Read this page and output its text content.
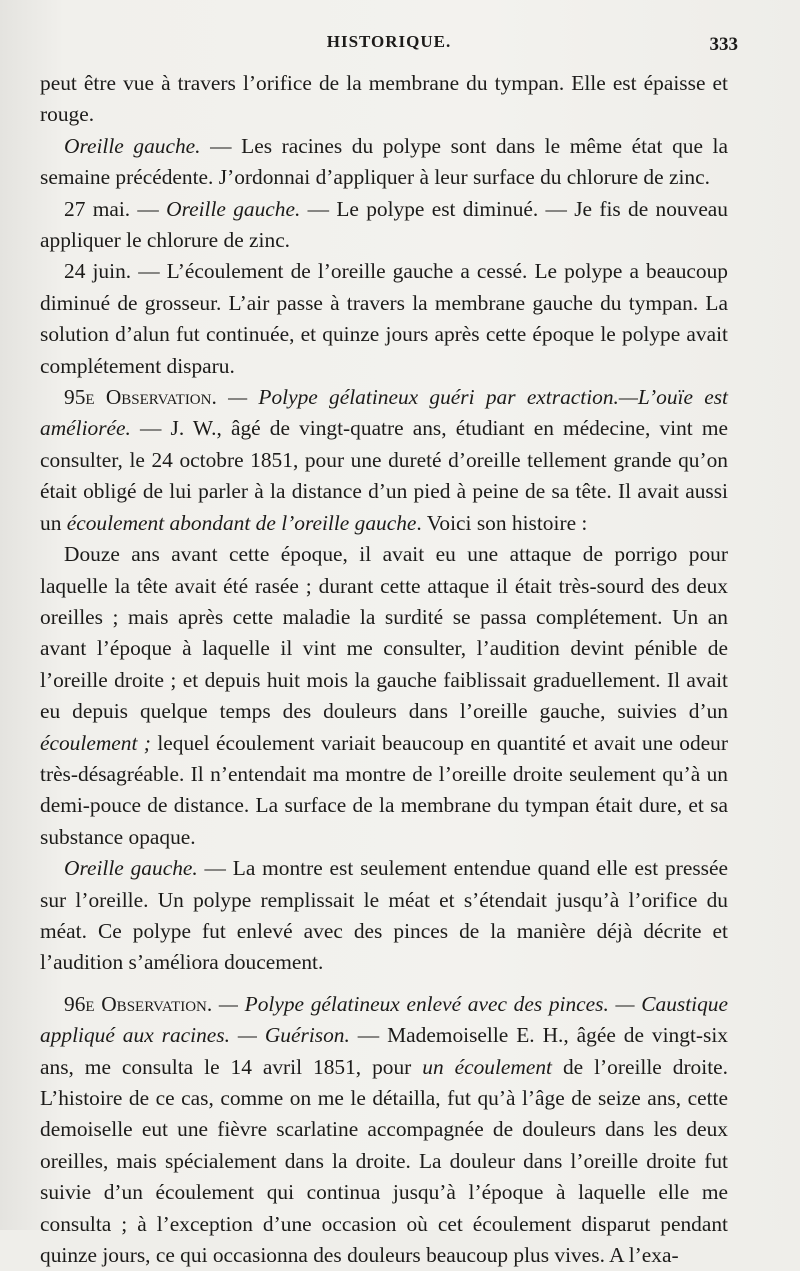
HISTORIQUE.	333

peut être vue à travers l’orifice de la membrane du tympan. Elle est épaisse et rouge.

Oreille gauche. — Les racines du polype sont dans le même état que la semaine précédente. J’ordonnai d’appliquer à leur surface du chlorure de zinc.

27 mai. — Oreille gauche. — Le polype est diminué. — Je fis de nouveau appliquer le chlorure de zinc.

24 juin. — L’écoulement de l’oreille gauche a cessé. Le polype a beaucoup diminué de grosseur. L’air passe à travers la membrane gauche du tympan. La solution d’alun fut continuée, et quinze jours après cette époque le polype avait complétement disparu.

95e Observation. — Polype gélatineux guéri par extraction.—L’ouïe est améliorée. — J. W., âgé de vingt-quatre ans, étudiant en médecine, vint me consulter, le 24 octobre 1851, pour une dureté d’oreille tellement grande qu’on était obligé de lui parler à la distance d’un pied à peine de sa tête. Il avait aussi un écoulement abondant de l’oreille gauche. Voici son histoire :

Douze ans avant cette époque, il avait eu une attaque de porrigo pour laquelle la tête avait été rasée ; durant cette attaque il était très-sourd des deux oreilles ; mais après cette maladie la surdité se passa complétement. Un an avant l’époque à laquelle il vint me consulter, l’audition devint pénible de l’oreille droite ; et depuis huit mois la gauche faiblissait graduellement. Il avait eu depuis quelque temps des douleurs dans l’oreille gauche, suivies d’un écoulement ; lequel écoulement variait beaucoup en quantité et avait une odeur très-désagréable. Il n’entendait ma montre de l’oreille droite seulement qu’à un demi-pouce de distance. La surface de la membrane du tympan était dure, et sa substance opaque.

Oreille gauche. — La montre est seulement entendue quand elle est pressée sur l’oreille. Un polype remplissait le méat et s’étendait jusqu’à l’orifice du méat. Ce polype fut enlevé avec des pinces de la manière déjà décrite et l’audition s’améliora doucement.

96e Observation. — Polype gélatineux enlevé avec des pinces. — Caustique appliqué aux racines. — Guérison. — Mademoiselle E. H., âgée de vingt-six ans, me consulta le 14 avril 1851, pour un écoulement de l’oreille droite. L’histoire de ce cas, comme on me le détailla, fut qu’à l’âge de seize ans, cette demoiselle eut une fièvre scarlatine accompagnée de douleurs dans les deux oreilles, mais spécialement dans la droite. La douleur dans l’oreille droite fut suivie d’un écoulement qui continua jusqu’à l’époque à laquelle elle me consulta ; à l’exception d’une occasion où cet écoulement disparut pendant quinze jours, ce qui occasionna des douleurs beaucoup plus vives. A l’exa-
